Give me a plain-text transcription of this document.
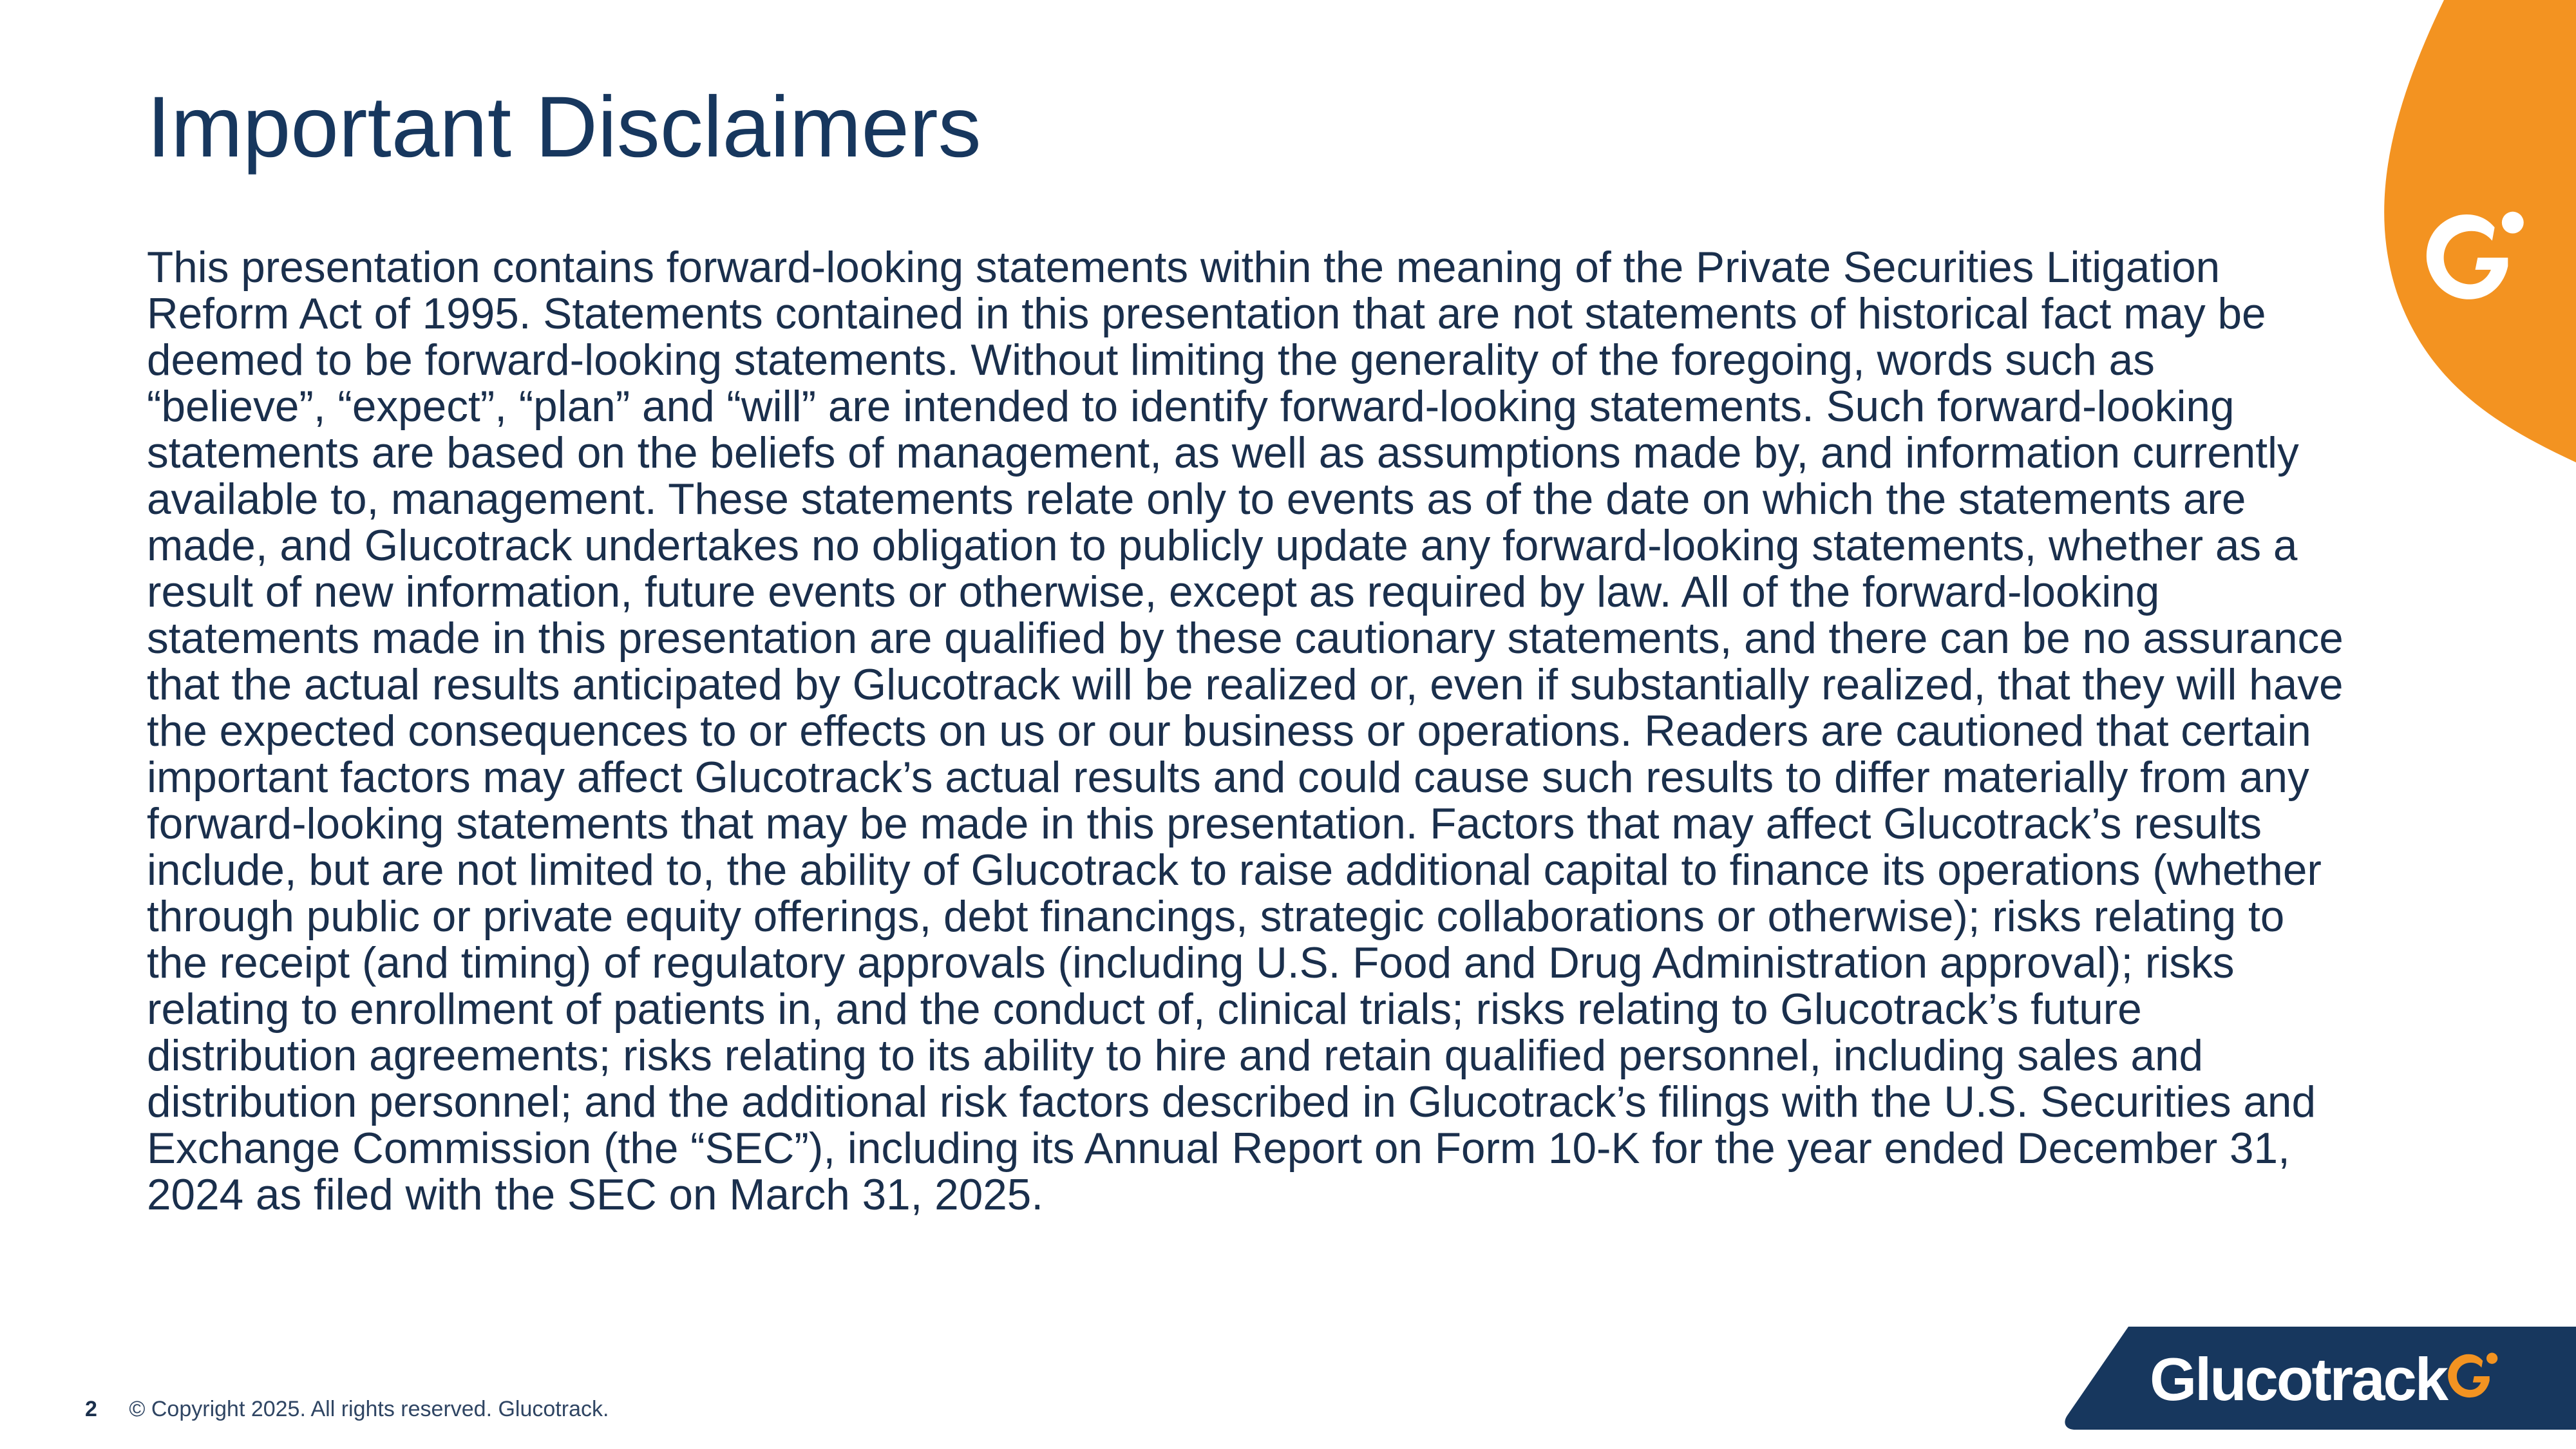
Important Disclaimers
This presentation contains forward-looking statements within the meaning of the Private Securities Litigation
Reform Act of 1995. Statements contained in this presentation that are not statements of historical fact may be
deemed to be forward-looking statements. Without limiting the generality of the foregoing, words such as
“believe”, “expect”, “plan” and “will” are intended to identify forward-looking statements. Such forward-looking
statements are based on the beliefs of management, as well as assumptions made by, and information currently
available to, management. These statements relate only to events as of the date on which the statements are
made, and Glucotrack undertakes no obligation to publicly update any forward-looking statements, whether as a
result of new information, future events or otherwise, except as required by law. All of the forward-looking
statements made in this presentation are qualified by these cautionary statements, and there can be no assurance
that the actual results anticipated by Glucotrack will be realized or, even if substantially realized, that they will have
the expected consequences to or effects on us or our business or operations. Readers are cautioned that certain
important factors may affect Glucotrack’s actual results and could cause such results to differ materially from any
forward-looking statements that may be made in this presentation. Factors that may affect Glucotrack’s results
include, but are not limited to, the ability of Glucotrack to raise additional capital to finance its operations (whether
through public or private equity offerings, debt financings, strategic collaborations or otherwise); risks relating to
the receipt (and timing) of regulatory approvals (including U.S. Food and Drug Administration approval); risks
relating to enrollment of patients in, and the conduct of, clinical trials; risks relating to Glucotrack’s future
distribution agreements; risks relating to its ability to hire and retain qualified personnel, including sales and
distribution personnel; and the additional risk factors described in Glucotrack’s filings with the U.S. Securities and
Exchange Commission (the “SEC”), including its Annual Report on Form 10-K for the year ended December 31,
2024 as filed with the SEC on March 31, 2025.
2 © Copyright 2025. All rights reserved. Glucotrack.	Glucotrack
